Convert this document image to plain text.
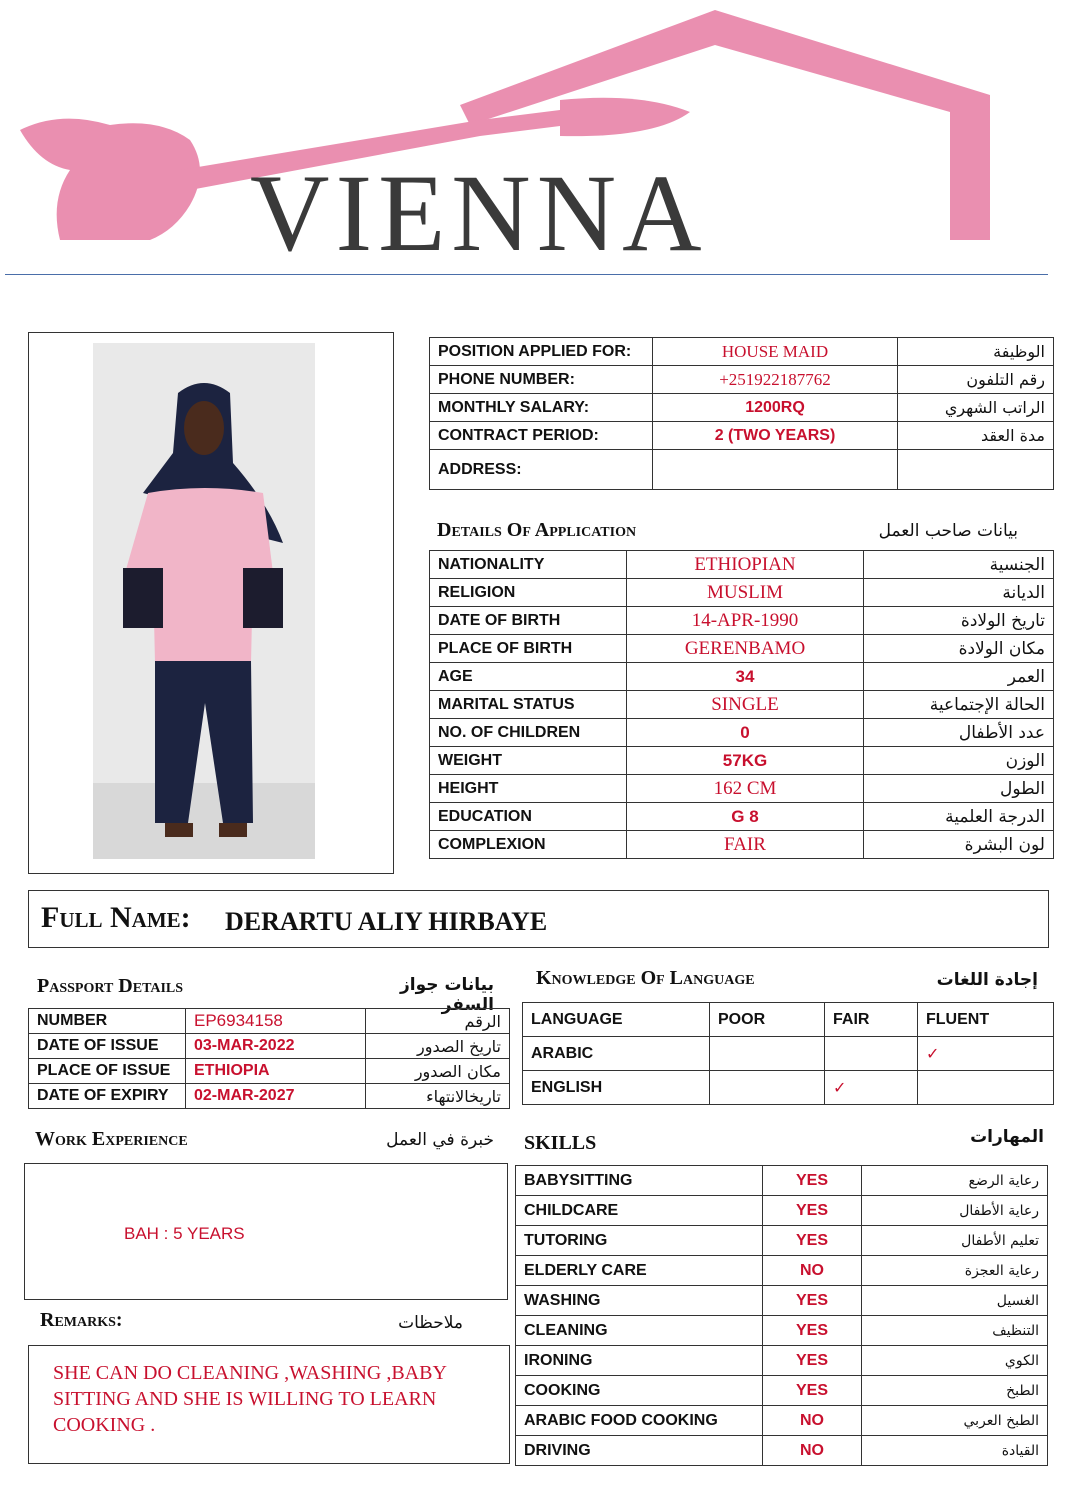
VIENNA
POSITION APPLIED FOR:	HOUSE MAID	الوظيفة
PHONE NUMBER:	+251922187762	رقم التلفون
MONTHLY SALARY:	1200RQ	الراتب الشهري
CONTRACT PERIOD:	2 (TWO YEARS)	مدة العقد
ADDRESS:		
Details Of Application	بيانات صاحب العمل
NATIONALITY	ETHIOPIAN	الجنسية
RELIGION	MUSLIM	الديانة
DATE OF BIRTH	14-APR-1990	تاريخ الولادة
PLACE OF BIRTH	GERENBAMO	مكان الولادة
AGE	34	العمر
MARITAL STATUS	SINGLE	الحالة الإجتماعية
NO. OF CHILDREN	0	عدد الأطفال
WEIGHT	57KG	الوزن
HEIGHT	162 CM	الطول
EDUCATION	G 8	الدرجة العلمية
COMPLEXION	FAIR	لون البشرة
Full Name: DERARTU ALIY HIRBAYE
Passport Details	بيانات جواز السفر
NUMBER	EP6934158	الرقم
DATE OF ISSUE	03-MAR-2022	تاريخ الصدور
PLACE OF ISSUE	ETHIOPIA	مكان الصدور
DATE OF EXPIRY	02-MAR-2027	تاريخالانتهاء
Knowledge Of Language	إجادة اللغات
LANGUAGE	POOR	FAIR	FLUENT
ARABIC			✓
ENGLISH		✓	
Work Experience	خبرة في العمل
BAH : 5 YEARS
Remarks:	ملاحظات
SHE CAN DO CLEANING ,WASHING ,BABY SITTING AND SHE IS WILLING TO LEARN COOKING .
SKILLS	المهارات
BABYSITTING	YES	رعاية الرضع
CHILDCARE	YES	رعاية الأطفال
TUTORING	YES	تعليم الأطفال
ELDERLY CARE	NO	رعاية العجزة
WASHING	YES	الغسيل
CLEANING	YES	التنظيف
IRONING	YES	الكوي
COOKING	YES	الطبخ
ARABIC FOOD COOKING	NO	الطبخ العربي
DRIVING	NO	القيادة
